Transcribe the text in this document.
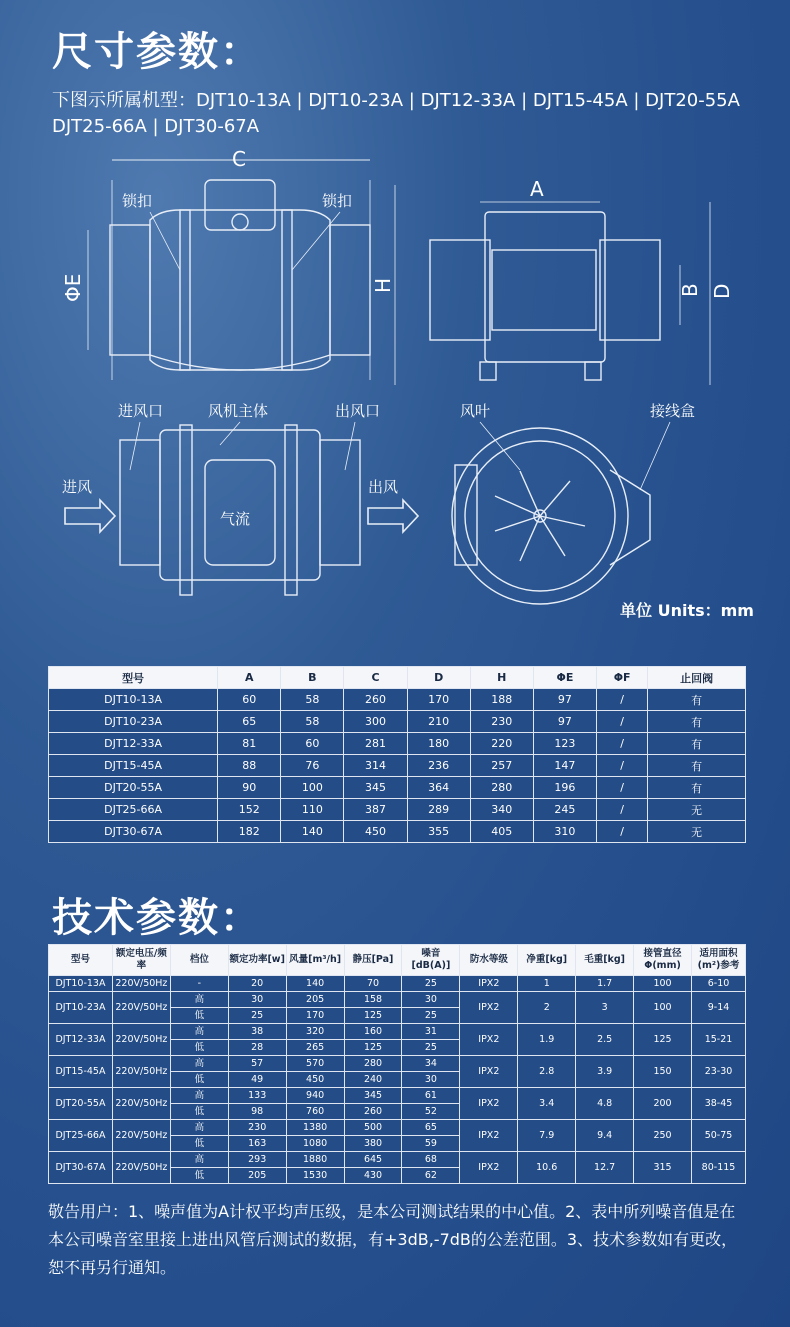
尺寸参数：
下图示所属机型：DJT10-13A | DJT10-23A | DJT12-33A | DJT15-45A | DJT20-55A DJT25-66A | DJT30-67A
C
A
H	B D
ΦE
锁扣	锁扣
进风口	风机主体	出风口
进风	出风
气流
风叶	接线盒
单位 Units：mm
型号	A	B	C	D	H	ΦE	ΦF	止回阀
DJT10-13A	60	58	260	170	188	97	/	有
DJT10-23A	65	58	300	210	230	97	/	有
DJT12-33A	81	60	281	180	220	123	/	有
DJT15-45A	88	76	314	236	257	147	/	有
DJT20-55A	90	100	345	364	280	196	/	有
DJT25-66A	152	110	387	289	340	245	/	无
DJT30-67A	182	140	450	355	405	310	/	无
技术参数：
型号	额定电压/频率	档位	额定功率[w]	风量[m³/h]	静压[Pa]	噪音[dB(A)]	防水等级	净重[kg]	毛重[kg]	接管直径Φ(mm)	适用面积(m²)参考
DJT10-13A	220V/50Hz	-	20	140	70	25	IPX2	1	1.7	100	6-10
DJT10-23A	220V/50Hz	高	30	205	158	30	IPX2	2	3	100	9-14
		低	25	170	125	25					
DJT12-33A	220V/50Hz	高	38	320	160	31	IPX2	1.9	2.5	125	15-21
		低	28	265	125	25					
DJT15-45A	220V/50Hz	高	57	570	280	34	IPX2	2.8	3.9	150	23-30
		低	49	450	240	30					
DJT20-55A	220V/50Hz	高	133	940	345	61	IPX2	3.4	4.8	200	38-45
		低	98	760	260	52					
DJT25-66A	220V/50Hz	高	230	1380	500	65	IPX2	7.9	9.4	250	50-75
		低	163	1080	380	59					
DJT30-67A	220V/50Hz	高	293	1880	645	68	IPX2	10.6	12.7	315	80-115
		低	205	1530	430	62					
敬告用户：1、噪声值为A计权平均声压级，是本公司测试结果的中心值。2、表中所列噪音值是在本公司噪音室里接上进出风管后测试的数据，有+3dB,-7dB的公差范围。3、技术参数如有更改，恕不再另行通知。
